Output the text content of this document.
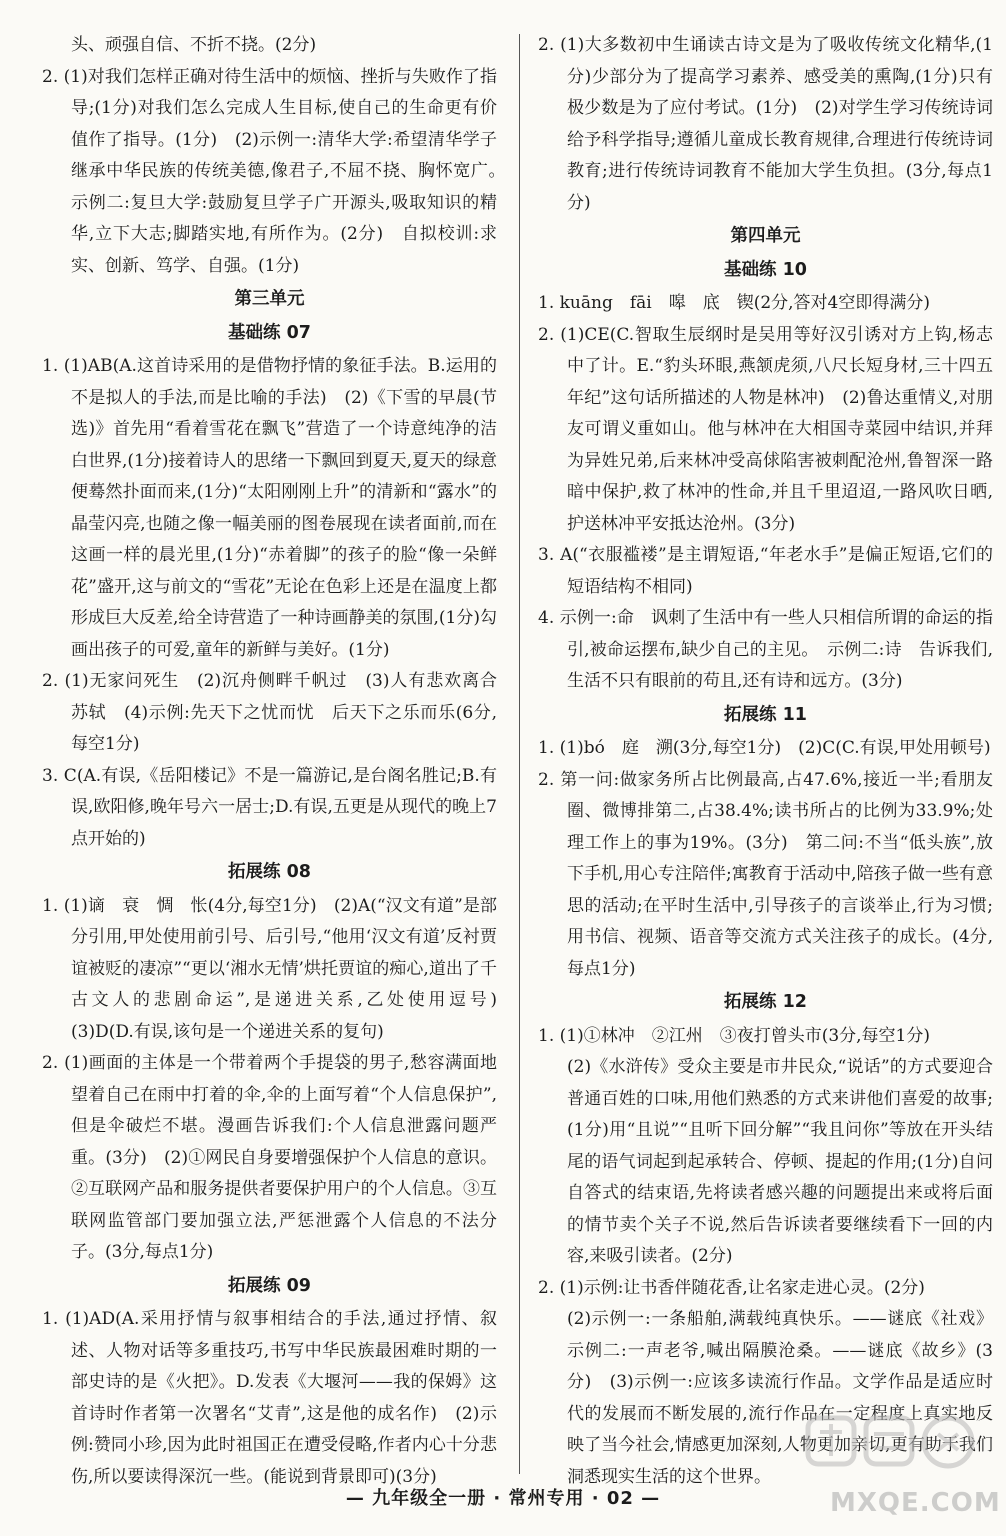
头、顽强自信、不折不挠。(2分)
2. (1)对我们怎样正确对待生活中的烦恼、挫折与失败作了指导;(1分)对我们怎么完成人生目标,使自己的生命更有价值作了指导。(1分)　(2)示例一:清华大学:希望清华学子继承中华民族的传统美德,像君子,不屈不挠、胸怀宽广。　示例二:复旦大学:鼓励复旦学子广开源头,吸取知识的精华,立下大志;脚踏实地,有所作为。(2分)　自拟校训:求实、创新、笃学、自强。(1分)
第三单元
基础练 07
1. (1)AB(A.这首诗采用的是借物抒情的象征手法。B.运用的不是拟人的手法,而是比喻的手法)　(2)《下雪的早晨(节选)》首先用“看着雪花在飘飞”营造了一个诗意纯净的洁白世界,(1分)接着诗人的思绪一下飘回到夏天,夏天的绿意便蓦然扑面而来,(1分)“太阳刚刚上升”的清新和“露水”的晶莹闪亮,也随之像一幅美丽的图卷展现在读者面前,而在这画一样的晨光里,(1分)“赤着脚”的孩子的脸“像一朵鲜花”盛开,这与前文的“雪花”无论在色彩上还是在温度上都形成巨大反差,给全诗营造了一种诗画静美的氛围,(1分)勾画出孩子的可爱,童年的新鲜与美好。(1分)
2. (1)无家问死生　(2)沉舟侧畔千帆过　(3)人有悲欢离合　苏轼　(4)示例:先天下之忧而忧　后天下之乐而乐(6分,每空1分)
3. C(A.有误,《岳阳楼记》不是一篇游记,是台阁名胜记;B.有误,欧阳修,晚年号六一居士;D.有误,五更是从现代的晚上7点开始的)
拓展练 08
1. (1)谪　衰　惆　怅(4分,每空1分)　(2)A(“汉文有道”是部分引用,甲处使用前引号、后引号,“他用‘汉文有道’反衬贾谊被贬的凄凉”“更以‘湘水无情’烘托贾谊的痴心,道出了千古文人的悲剧命运”,是递进关系,乙处使用逗号)　(3)D(D.有误,该句是一个递进关系的复句)
2. (1)画面的主体是一个带着两个手提袋的男子,愁容满面地望着自己在雨中打着的伞,伞的上面写着“个人信息保护”,但是伞破烂不堪。漫画告诉我们:个人信息泄露问题严重。(3分)　(2)①网民自身要增强保护个人信息的意识。②互联网产品和服务提供者要保护用户的个人信息。③互联网监管部门要加强立法,严惩泄露个人信息的不法分子。(3分,每点1分)
拓展练 09
1. (1)AD(A.采用抒情与叙事相结合的手法,通过抒情、叙述、人物对话等多重技巧,书写中华民族最困难时期的一部史诗的是《火把》。D.发表《大堰河——我的保姆》这首诗时作者第一次署名“艾青”,这是他的成名作)　(2)示例:赞同小珍,因为此时祖国正在遭受侵略,作者内心十分悲伤,所以要读得深沉一些。(能说到背景即可)(3分)
2. (1)大多数初中生诵读古诗文是为了吸收传统文化精华,(1分)少部分为了提高学习素养、感受美的熏陶,(1分)只有极少数是为了应付考试。(1分)　(2)对学生学习传统诗词给予科学指导;遵循儿童成长教育规律,合理进行传统诗词教育;进行传统诗词教育不能加大学生负担。(3分,每点1分)
第四单元
基础练 10
1. kuāng　fāi　嗥　底　锲(2分,答对4空即得满分)
2. (1)CE(C.智取生辰纲时是吴用等好汉引诱对方上钩,杨志中了计。E.“豹头环眼,燕颔虎须,八尺长短身材,三十四五年纪”这句话所描述的人物是林冲)　(2)鲁达重情义,对朋友可谓义重如山。他与林冲在大相国寺菜园中结识,并拜为异姓兄弟,后来林冲受高俅陷害被刺配沧州,鲁智深一路暗中保护,救了林冲的性命,并且千里迢迢,一路风吹日晒,护送林冲平安抵达沧州。(3分)
3. A(“衣服褴褛”是主谓短语,“年老水手”是偏正短语,它们的短语结构不相同)
4. 示例一:命　讽刺了生活中有一些人只相信所谓的命运的指引,被命运摆布,缺少自己的主见。　示例二:诗　告诉我们,生活不只有眼前的苟且,还有诗和远方。(3分)
拓展练 11
1. (1)bó　庭　溯(3分,每空1分)　(2)C(C.有误,甲处用顿号)
2. 第一问:做家务所占比例最高,占47.6%,接近一半;看朋友圈、微博排第二,占38.4%;读书所占的比例为33.9%;处理工作上的事为19%。(3分)　第二问:不当“低头族”,放下手机,用心专注陪伴;寓教育于活动中,陪孩子做一些有意思的活动;在平时生活中,引导孩子的言谈举止,行为习惯;用书信、视频、语音等交流方式关注孩子的成长。(4分,每点1分)
拓展练 12
1. (1)①林冲　②江州　③夜打曾头市(3分,每空1分)
(2)《水浒传》受众主要是市井民众,“说话”的方式要迎合普通百姓的口味,用他们熟悉的方式来讲他们喜爱的故事;(1分)用“且说”“且听下回分解”“我且问你”等放在开头结尾的语气词起到起承转合、停顿、提起的作用;(1分)自问自答式的结束语,先将读者感兴趣的问题提出来或将后面的情节卖个关子不说,然后告诉读者要继续看下一回的内容,来吸引读者。(2分)
2. (1)示例:让书香伴随花香,让名家走进心灵。(2分)
(2)示例一:一条船舶,满载纯真快乐。——谜底《社戏》示例二:一声老爷,喊出隔膜沧桑。——谜底《故乡》(3分)　(3)示例一:应该多读流行作品。文学作品是适应时代的发展而不断发展的,流行作品在一定程度上真实地反映了当今社会,情感更加深刻,人物更加亲切,更有助于我们洞悉现实生活的这个世界。
— 九年级全一册 · 常州专用 · 02 —	MXQE.COM
